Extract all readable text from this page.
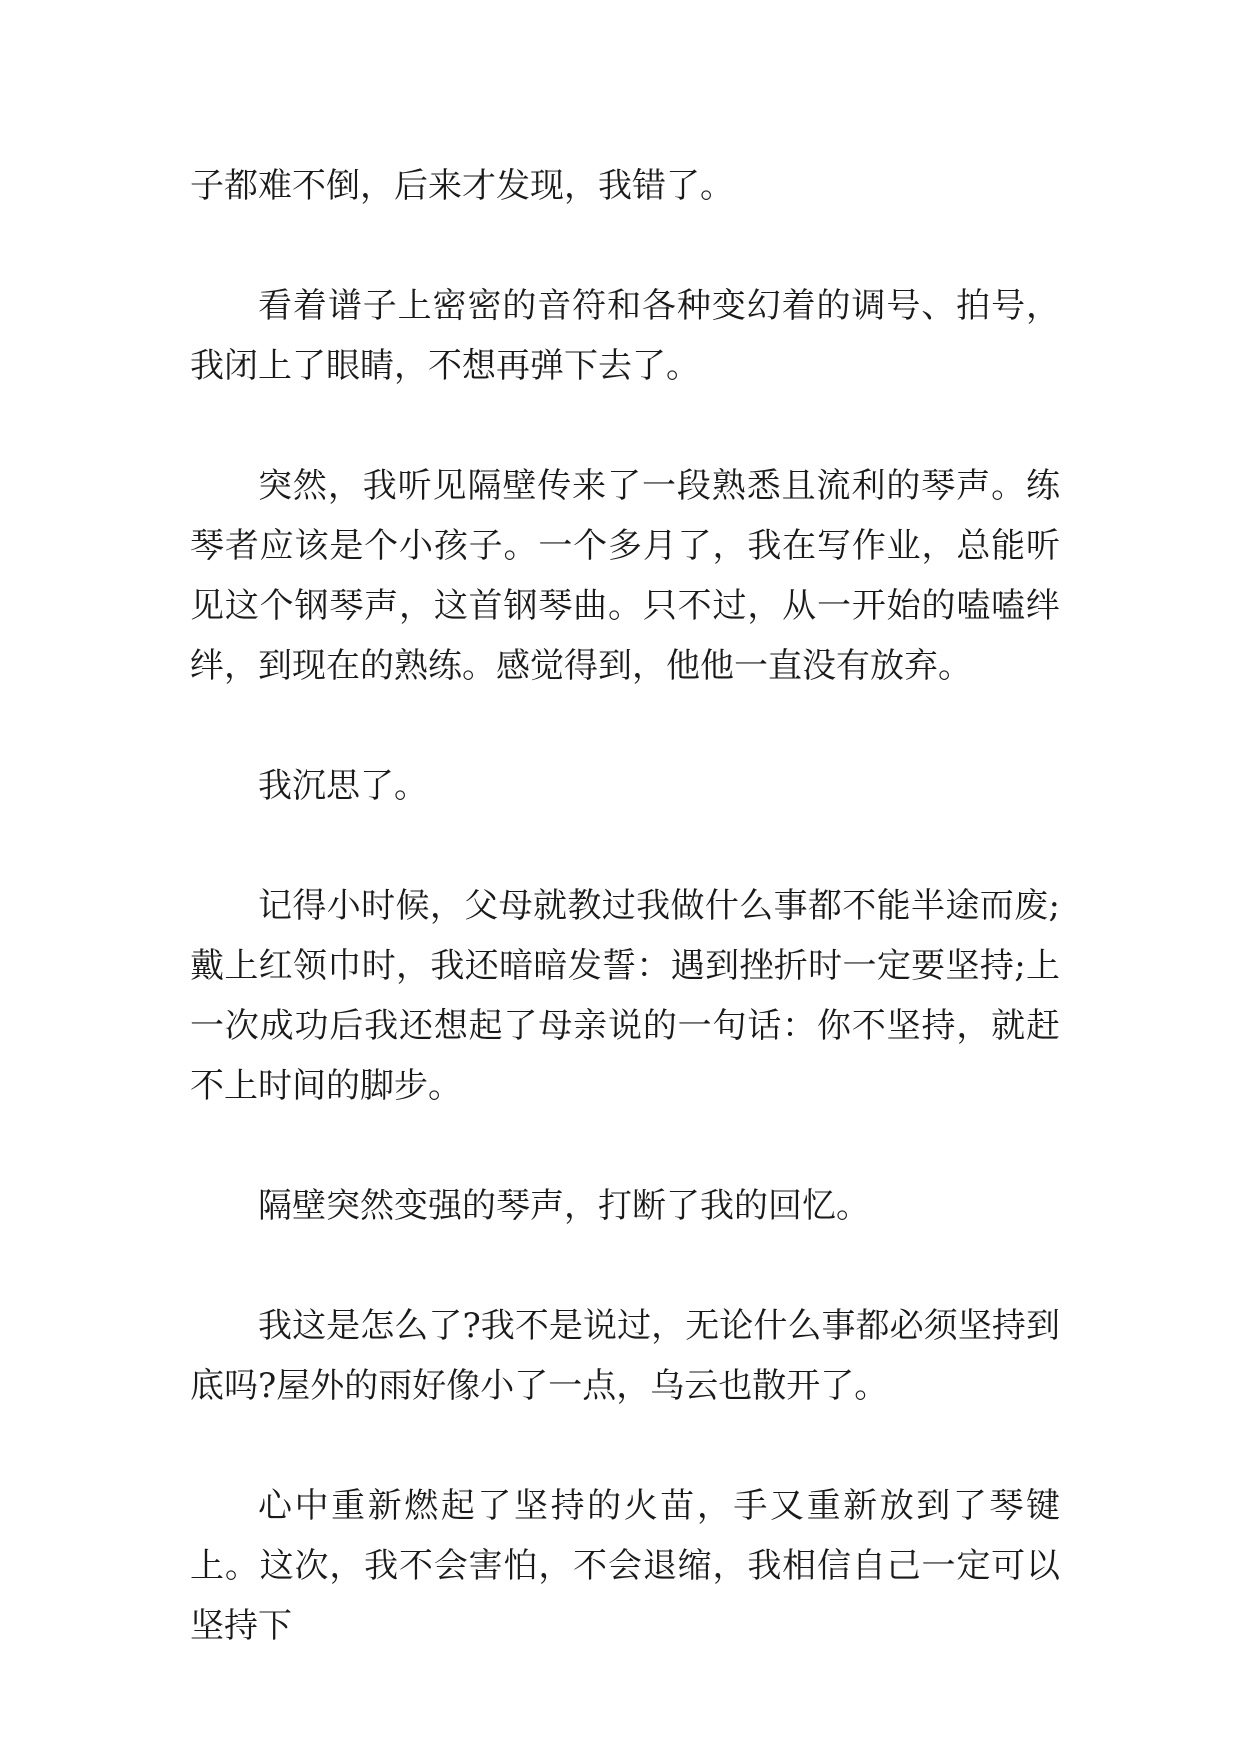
子都难不倒，后来才发现，我错了。

看着谱子上密密的音符和各种变幻着的调号、拍号，我闭上了眼睛，不想再弹下去了。

突然，我听见隔壁传来了一段熟悉且流利的琴声。练琴者应该是个小孩子。一个多月了，我在写作业，总能听见这个钢琴声，这首钢琴曲。只不过，从一开始的嗑嗑绊绊，到现在的熟练。感觉得到，他他一直没有放弃。

我沉思了。

记得小时候，父母就教过我做什么事都不能半途而废;戴上红领巾时，我还暗暗发誓：遇到挫折时一定要坚持;上一次成功后我还想起了母亲说的一句话：你不坚持，就赶不上时间的脚步。

隔壁突然变强的琴声，打断了我的回忆。

我这是怎么了?我不是说过，无论什么事都必须坚持到底吗?屋外的雨好像小了一点，乌云也散开了。

心中重新燃起了坚持的火苗，手又重新放到了琴键上。这次，我不会害怕，不会退缩，我相信自己一定可以坚持下
